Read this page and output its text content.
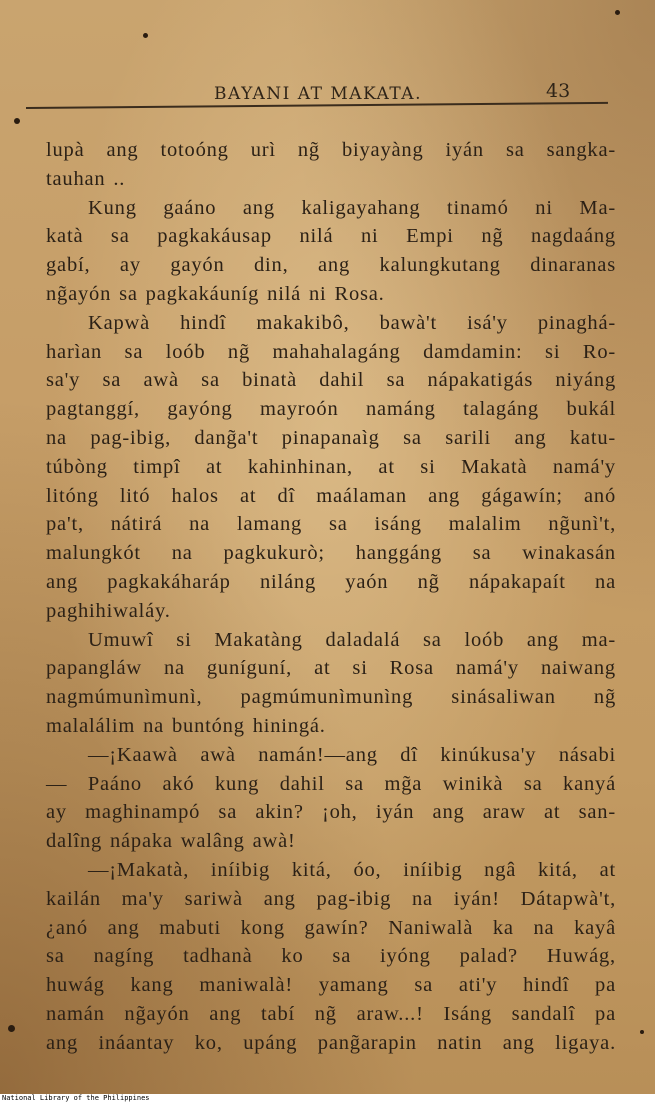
BAYANI AT MAKATA.	43
lupà ang totoóng urì ng̃ biyayàng iyán sa sangka-
tauhan ..
Kung gaáno ang kaligayahang tinamó ni Ma-
katà sa pagkakáusap nilá ni Empi ng̃ nagdaáng
gabí, ay gayón din, ang kalungkutang dinaranas
ng̃ayón sa pagkakáuníg nilá ni Rosa.
Kapwà hindî makakibô, bawà't isá'y pinaghá-
harìan sa loób ng̃ mahahalagáng damdamin: si Ro-
sa'y sa awà sa binatà dahil sa nápakatigás niyáng
pagtanggí, gayóng mayroón namáng talagáng bukál
na pag-ibig, dang̃a't pinapanaìg sa sarili ang katu-
túbòng timpî at kahinhinan, at si Makatà namá'y
litóng litó halos at dî maálaman ang gágawín; anó
pa't, nátirá na lamang sa isáng malalim ng̃unì't,
malungkót na pagkukurò; hanggáng sa winakasán
ang pagkakáharáp niláng yaón ng̃ nápakapaít na
paghihiwaláy.
Umuwî si Makatàng daladalá sa loób ang ma-
papangláw na guníguní, at si Rosa namá'y naiwang
nagmúmunìmunì, pagmúmunìmunìng sinásaliwan ng̃
malalálim na buntóng hiningá.
—¡Kaawà awà namán!—ang dî kinúkusa'y násabi
— Paáno akó kung dahil sa mg̃a winikà sa kanyá
ay maghinampó sa akin? ¡oh, iyán ang araw at san-
dalîng nápaka walâng awà!
—¡Makatà, iníibig kitá, óo, iníibig ngâ kitá, at
kailán ma'y sariwà ang pag-ibig na iyán! Dátapwà't,
¿anó ang mabuti kong gawín? Naniwalà ka na kayâ
sa nagíng tadhanà ko sa iyóng palad? Huwág,
huwág kang maniwalà! yamang sa ati'y hindî pa
namán ng̃ayón ang tabí ng̃ araw...! Isáng sandalî pa
ang ináantay ko, upáng pang̃arapin natin ang ligaya.
National Library of the Philippines
